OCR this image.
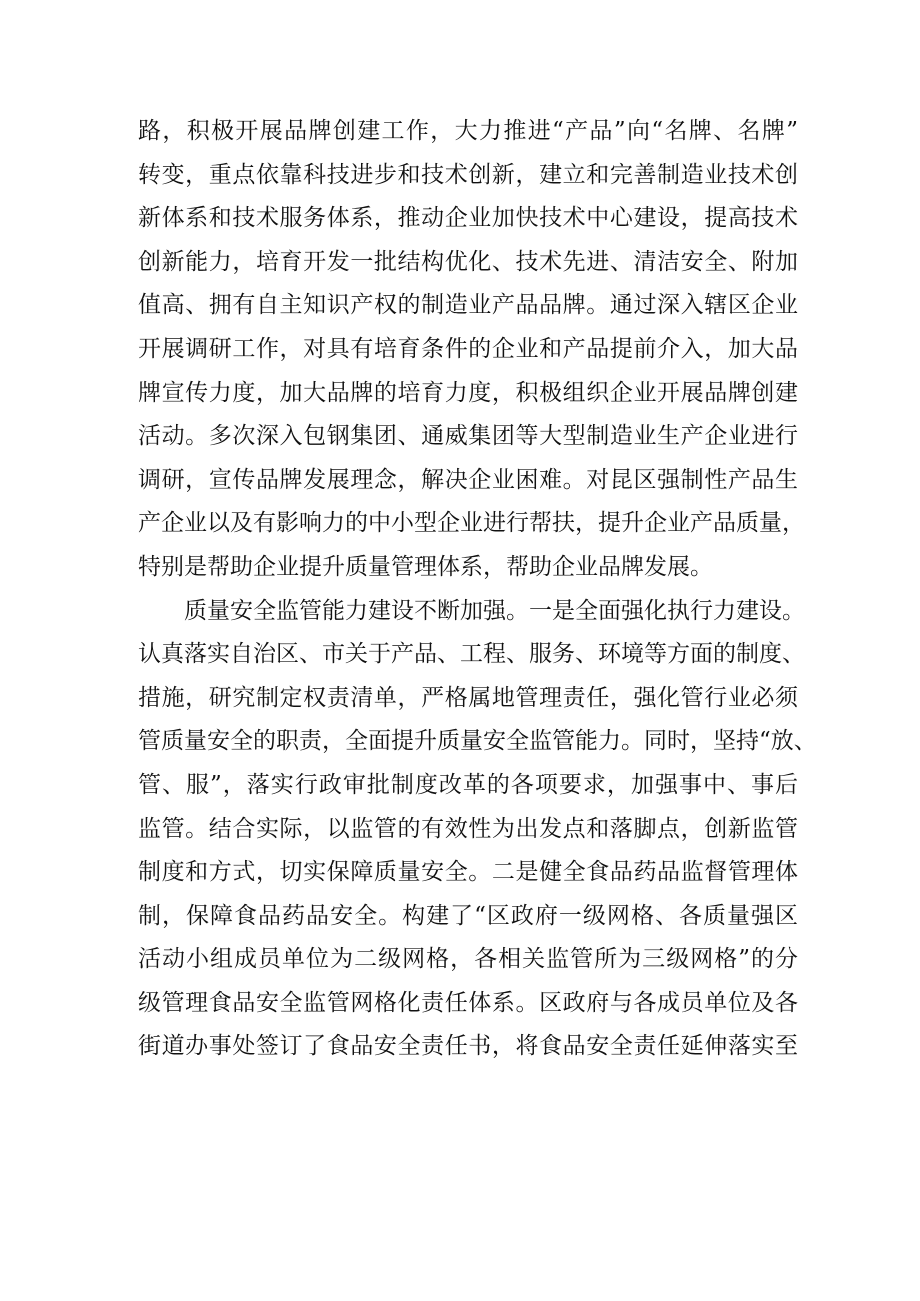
路，积极开展品牌创建工作，大力推进“产品”向“名牌、名牌”
转变，重点依靠科技进步和技术创新，建立和完善制造业技术创
新体系和技术服务体系，推动企业加快技术中心建设，提高技术
创新能力，培育开发一批结构优化、技术先进、清洁安全、附加
值高、拥有自主知识产权的制造业产品品牌。通过深入辖区企业
开展调研工作，对具有培育条件的企业和产品提前介入，加大品
牌宣传力度，加大品牌的培育力度，积极组织企业开展品牌创建
活动。多次深入包钢集团、通威集团等大型制造业生产企业进行
调研，宣传品牌发展理念，解决企业困难。对昆区强制性产品生
产企业以及有影响力的中小型企业进行帮扶，提升企业产品质量，
特别是帮助企业提升质量管理体系，帮助企业品牌发展。

质量安全监管能力建设不断加强。一是全面强化执行力建设。
认真落实自治区、市关于产品、工程、服务、环境等方面的制度、
措施，研究制定权责清单，严格属地管理责任，强化管行业必须
管质量安全的职责，全面提升质量安全监管能力。同时，坚持“放、
管、服”，落实行政审批制度改革的各项要求，加强事中、事后
监管。结合实际，以监管的有效性为出发点和落脚点，创新监管
制度和方式，切实保障质量安全。二是健全食品药品监督管理体
制，保障食品药品安全。构建了“区政府一级网格、各质量强区
活动小组成员单位为二级网格，各相关监管所为三级网格”的分
级管理食品安全监管网格化责任体系。区政府与各成员单位及各
街道办事处签订了食品安全责任书，将食品安全责任延伸落实至
